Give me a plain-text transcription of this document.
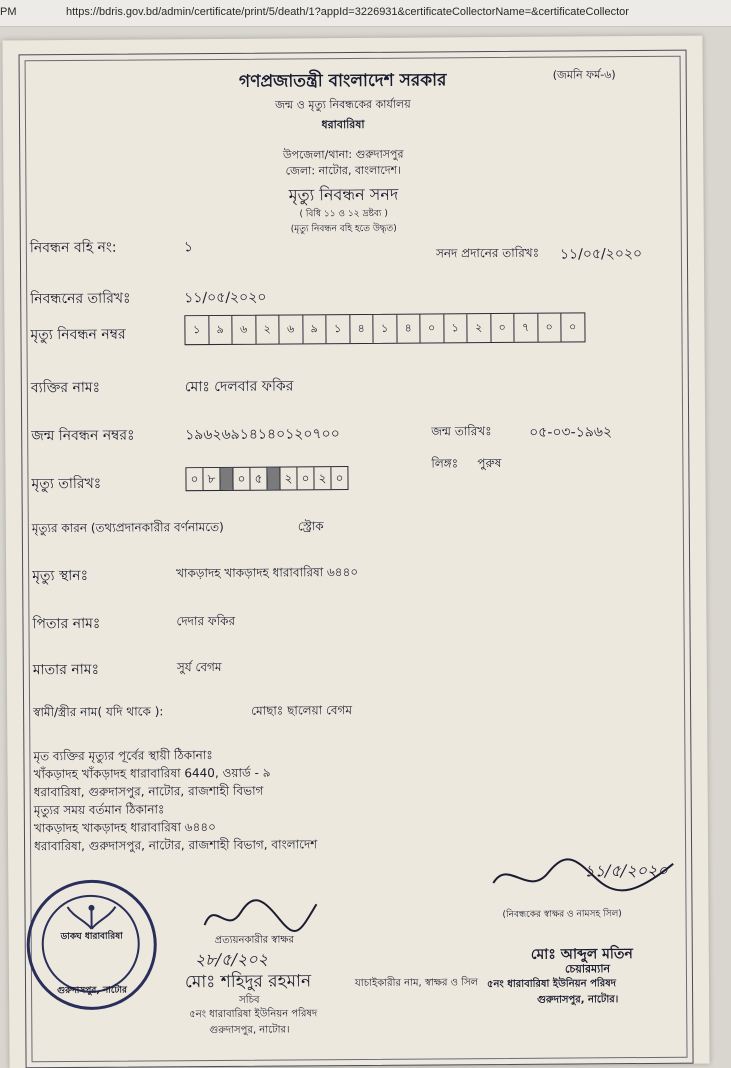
PM	https://bdris.gov.bd/admin/certificate/print/5/death/1?appId=3226931&certificateCollectorName=&certificateCollector
গণপ্রজাতন্ত্রী বাংলাদেশ সরকার	(জমনি ফর্ম-৬)
জন্ম ও মৃত্যু নিবন্ধকের কার্যালয়
ধরাবারিষা
উপজেলা/থানা: গুরুদাসপুর
জেলা: নাটোর, বাংলাদেশ।
মৃত্যু নিবন্ধন সনদ
( বিধি ১১ ও ১২ দ্রষ্টব্য )
(মৃত্যু নিবন্ধন বহি হতে উদ্ধৃত)
নিবন্ধন বহি নং:	১	সনদ প্রদানের তারিখঃ ১১/০৫/২০২০
নিবন্ধনের তারিখঃ	১১/০৫/২০২০
মৃত্যু নিবন্ধন নম্বর	১	৯	৬	২	৬	৯	১	৪	১	৪	০	১	২	০	৭	০	০
ব্যক্তির নামঃ	মোঃ দেলবার ফকির
জন্ম নিবন্ধন নম্বরঃ	১৯৬২৬৯১৪১৪০১২০৭০০	জন্ম তারিখঃ	০৫-০৩-১৯৬২
লিঙ্গঃ পুরুষ
মৃত্যু তারিখঃ	০ ৮	০ ৫	২ ০ ২ ০
মৃত্যুর কারন (তথ্যপ্রদানকারীর বর্ণনামতে)	স্ট্রোক
মৃত্যু স্থানঃ	খাকড়াদহ খাকড়াদহ ধারাবারিষা ৬৪৪০
পিতার নামঃ	দেদার ফকির
মাতার নামঃ	সুর্য বেগম
স্বামী/স্ত্রীর নাম( যদি থাকে ):	মোছাঃ ছালেয়া বেগম
মৃত ব্যক্তির মৃত্যুর পূর্বের স্থায়ী ঠিকানাঃ
খাঁকড়াদহ খাঁকড়াদহ ধারাবারিষা 6440, ওয়ার্ড - ৯
ধরাবারিষা, গুরুদাসপুর, নাটোর, রাজশাহী বিভাগ
মৃত্যুর সময় বর্তমান ঠিকানাঃ
খাকড়াদহ খাকড়াদহ ধারাবারিষা ৬৪৪০
ধরাবারিষা, গুরুদাসপুর, নাটোর, রাজশাহী বিভাগ, বাংলাদেশ
ডাকঘ ধারাবারিষা
গুরুদাসপুর, নাটোর
১১/৫/২০২০
(নিবন্ধকের স্বাক্ষর ও নামসহ সিল)
মোঃ আব্দুল মতিন
চেয়ারম্যান
৫নং ধারাবারিষা ইউনিয়ন পরিষদ
গুরুদাসপুর, নাটোর।
প্রত্যয়নকারীর স্বাক্ষর
২৮/৫/২০২
মোঃ শহিদুর রহমান	যাচাইকারীর নাম, স্বাক্ষর ও সিল
সচিব
৫নং ধারাবারিষা ইউনিয়ন পরিষদ
গুরুদাসপুর, নাটোর।
